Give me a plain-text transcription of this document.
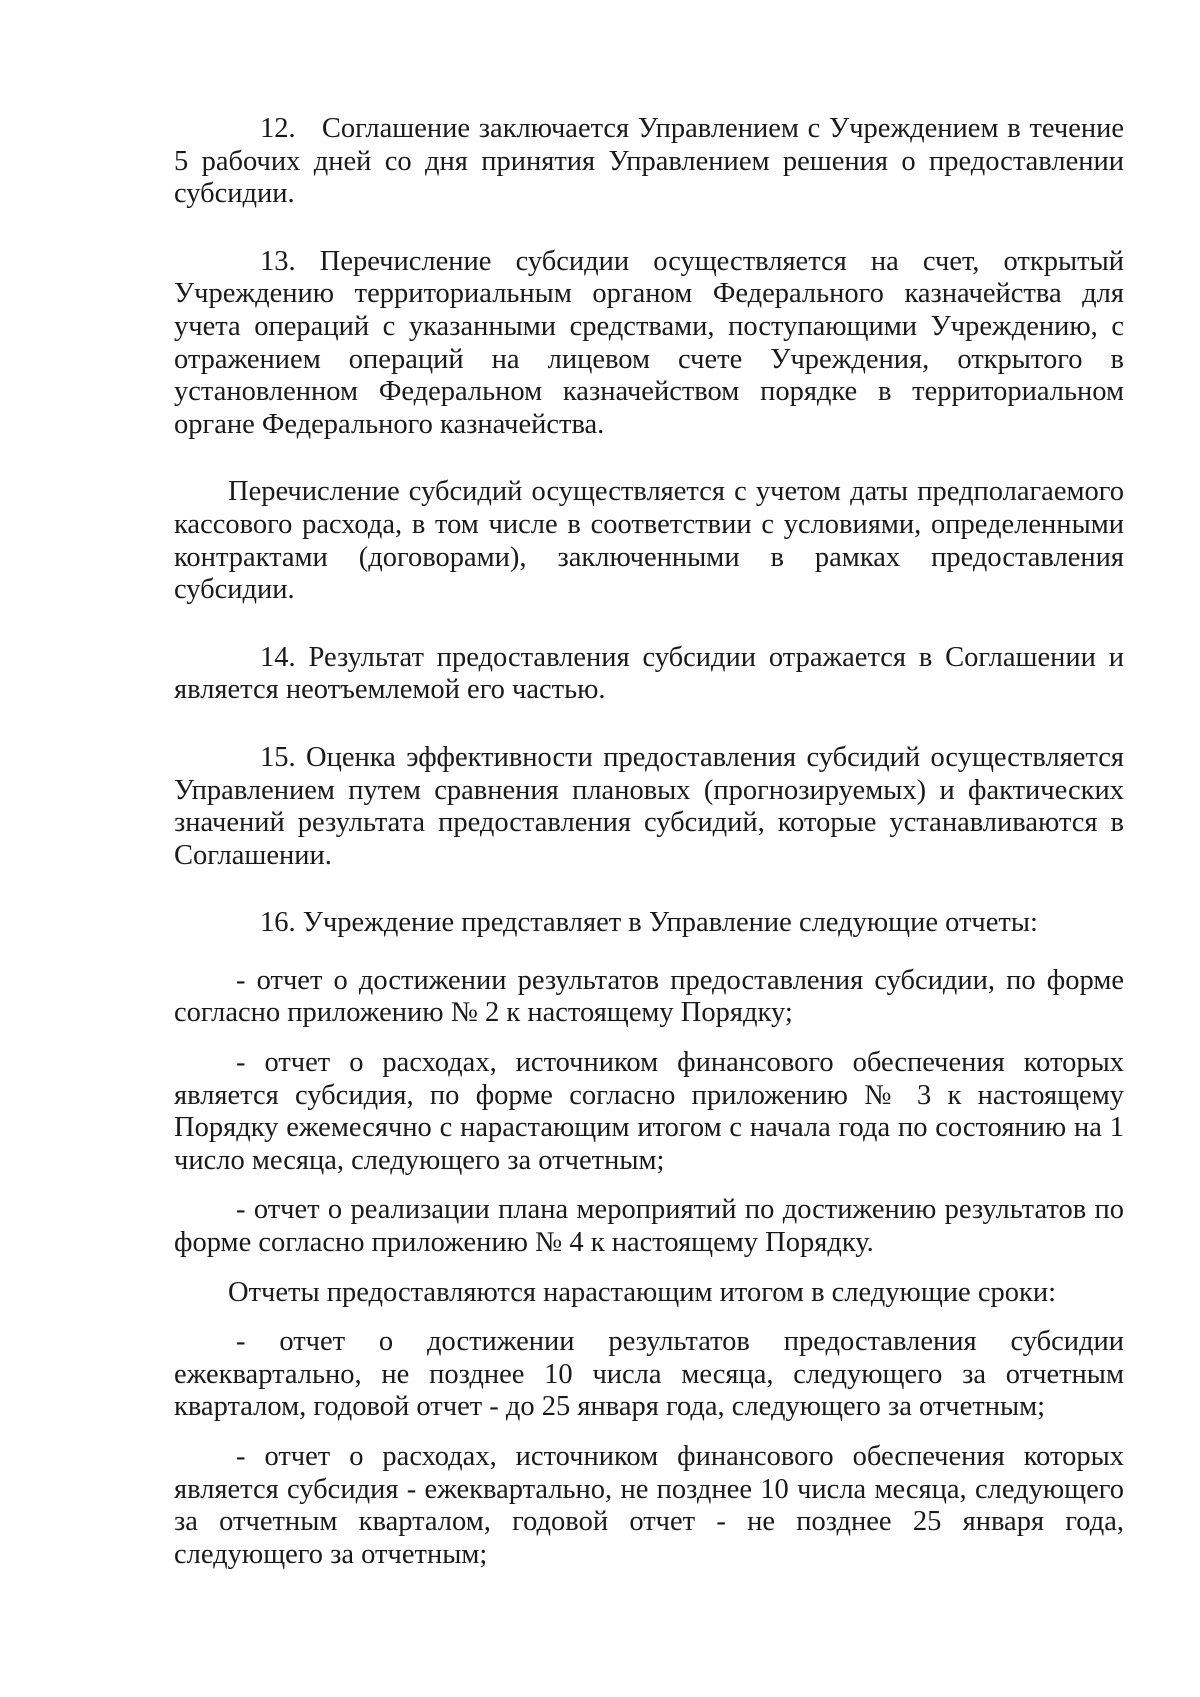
12.   Соглашение заключается Управлением с Учреждением в течение 5 рабочих дней со дня принятия Управлением решения о предоставлении субсидии.

13. Перечисление субсидии осуществляется на счет, открытый Учреждению территориальным органом Федерального казначейства для учета операций с указанными средствами, поступающими Учреждению, с отражением операций на лицевом счете Учреждения, открытого в установленном Федеральном казначейством порядке в территориальном органе Федерального казначейства.

Перечисление субсидий осуществляется с учетом даты предполагаемого кассового расхода, в том числе в соответствии с условиями, определенными контрактами (договорами), заключенными в рамках предоставления субсидии.

14. Результат предоставления субсидии отражается в Соглашении и является неотъемлемой его частью.

15. Оценка эффективности предоставления субсидий осуществляется Управлением путем сравнения плановых (прогнозируемых) и фактических значений результата предоставления субсидий, которые устанавливаются в Соглашении.

16. Учреждение представляет в Управление следующие отчеты:

- отчет о достижении результатов предоставления субсидии, по форме согласно приложению № 2 к настоящему Порядку;

- отчет о расходах, источником финансового обеспечения которых является субсидия, по форме согласно приложению № 3 к настоящему Порядку ежемесячно с нарастающим итогом с начала года по состоянию на 1 число месяца, следующего за отчетным;

- отчет о реализации плана мероприятий по достижению результатов по форме согласно приложению № 4 к настоящему Порядку.

Отчеты предоставляются нарастающим итогом в следующие сроки:

- отчет о достижении результатов предоставления субсидии ежеквартально, не позднее 10 числа месяца, следующего за отчетным кварталом, годовой отчет - до 25 января года, следующего за отчетным;

- отчет о расходах, источником финансового обеспечения которых является субсидия - ежеквартально, не позднее 10 числа месяца, следующего за отчетным кварталом, годовой отчет - не позднее 25 января года, следующего за отчетным;
